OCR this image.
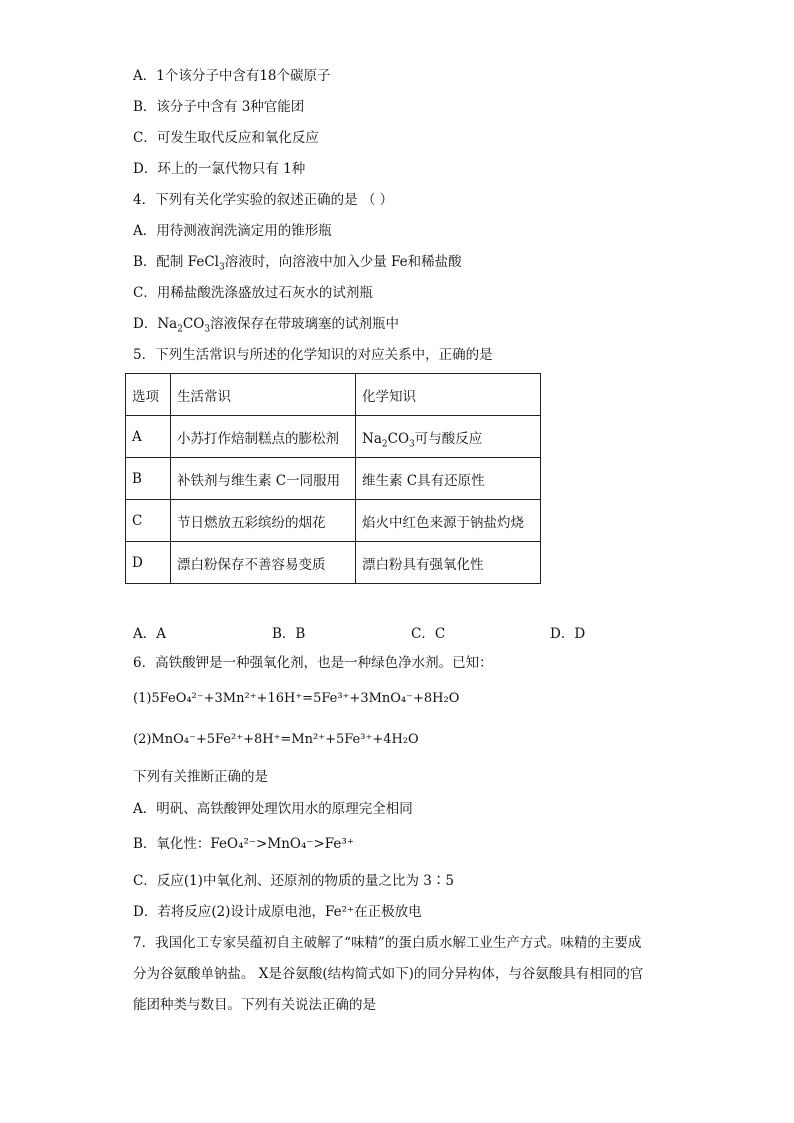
A．1个该分子中含有18个碳原子
B．该分子中含有 3种官能团
C．可发生取代反应和氧化反应
D．环上的一氯代物只有 1种
4．下列有关化学实验的叙述正确的是 （ ）
A．用待测液润洗滴定用的锥形瓶
B．配制 FeCl$_3$溶液时，向溶液中加入少量 Fe和稀盐酸
C．用稀盐酸洗涤盛放过石灰水的试剂瓶
D．$Na_2CO_3$溶液保存在带玻璃塞的试剂瓶中
5．下列生活常识与所述的化学知识的对应关系中，正确的是
选项	生活常识	化学知识
A	小苏打作焙制糕点的膨松剂	$Na_2CO_3$可与酸反应
B	补铁剂与维生素 C一同服用	维生素 C具有还原性
C	节日燃放五彩缤纷的烟花	焰火中红色来源于钠盐灼烧
D	漂白粉保存不善容易变质	漂白粉具有强氧化性
A．A	B．B	C．C	D．D
6．高铁酸钾是一种强氧化剂，也是一种绿色净水剂。已知：
(1)5FeO₄²⁻+3Mn²⁺+16H⁺=5Fe³⁺+3MnO₄⁻+8H₂O
(2)MnO₄⁻+5Fe²⁺+8H⁺=Mn²⁺+5Fe³⁺+4H₂O
下列有关推断正确的是
A．明矾、高铁酸钾处理饮用水的原理完全相同
B．氧化性：FeO₄²⁻>MnO₄⁻>Fe³⁺
C．反应(1)中氧化剂、还原剂的物质的量之比为 3∶5
D．若将反应(2)设计成原电池，Fe²⁺在正极放电
7．我国化工专家吴蕴初自主破解了“味精”的蛋白质水解工业生产方式。味精的主要成
分为谷氨酸单钠盐。 X是谷氨酸(结构简式如下)的同分异构体，与谷氨酸具有相同的官
能团种类与数目。下列有关说法正确的是
